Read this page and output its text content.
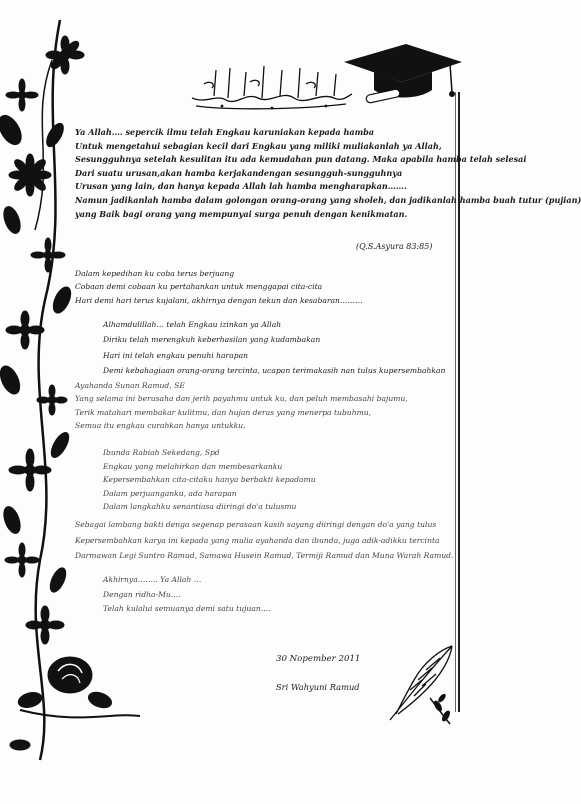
Ya Allah…. sepercik ilmu telah Engkau karuniakan kepada hamba
Untuk mengetahui sebagian kecil dari Engkau yang miliki muliakanlah ya Allah,
Sesungguhnya setelah kesulitan itu ada kemudahan pun datang. Maka apabila hamba telah selesai
Dari suatu urusan,akan hamba kerjakandengan sesungguh-sungguhnya
Urusan yang lain, dan hanya kepada Allah lah hamba mengharapkan…….
Namun jadikanlah hamba dalam golongan orang-orang yang sholeh, dan jadikanlah hamba buah tutur (pujian)
yang Baik bagi orang yang mempunyai surga penuh dengan kenikmatan.
(Q.S.Asyura 83:85)
Dalam kepedihan ku coba terus berjuang
Cobaan demi cobaan ku pertahankan untuk menggapai cita-cita
Hari demi hari terus kujalani, akhirnya dengan tekun dan kesabaran………
Alhamdulillah… telah Engkau izinkan ya Allah
Diriku telah merengkuh keberhasilan yang kudambakan
Hari ini telah engkau penuhi harapan
Demi kebahagiaan orang-orang tercinta, ucapan terimakasih nan tulus kupersembahkan
Ayahanda Sunan Ramud, SE
Yang selama ini berusaha dan jerih payahmu untuk ku, dan peluh membasahi bajumu,
Terik matahari membakar kulitmu, dan hujan deras yang menerpa tubuhmu,
Semua itu engkau curahkan hanya untukku,
Ibunda Rabiah Sekedang, Spd
Engkau yang melahirkan dan membesarkanku
Kepersembahkan cita-citaku hanya berbakti kepadamu
Dalam perjuanganku, ada harapan
Dalam langkahku senantiasa diiringi do'a tulusmu
Sebagai lambang bakti denga segenap perasaan kasih sayang diiringi dengan do'a yang tulus
Kepersembahkan karya ini kepada yang mulia ayahanda dan ibunda, juga adik-adikku tercinta
Darmawan Legi Suntro Ramud, Samawa Husein Ramud, Termiji Ramud dan Muna Warah Ramud.
Akhirnya…….. Ya Allah …
Dengan ridha-Mu….
Telah kulalui semuanya demi satu tujuan….
30 Nopember 2011
Sri Wahyuni Ramud
